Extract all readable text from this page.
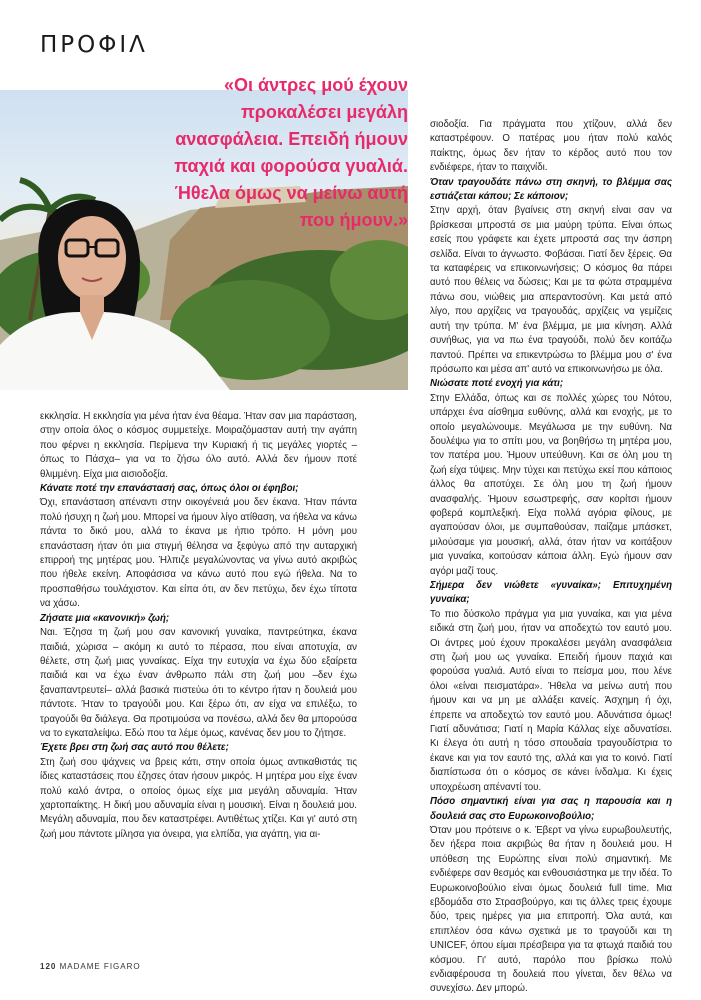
ΠΡΟΦΙΛ

«Οι άντρες μού έχουν προκαλέσει μεγάλη ανασφάλεια. Επειδή ήμουν παχιά και φορούσα γυαλιά. Ήθελα όμως να μείνω αυτή που ήμουν.»

εκκλησία. Η εκκλησία για μένα ήταν ένα θέαμα. Ήταν σαν μια παράσταση, στην οποία όλος ο κόσμος συμμετείχε. Μοιραζόμασταν αυτή την αγάπη που φέρνει η εκκλησία. Περίμενα την Κυριακή ή τις μεγάλες γιορτές –όπως το Πάσχα– για να το ζήσω όλο αυτό. Αλλά δεν ήμουν ποτέ θλιμμένη. Είχα μια αισιοδοξία.

Κάνατε ποτέ την επανάστασή σας, όπως όλοι οι έφηβοι;

Όχι, επανάσταση απέναντι στην οικογένειά μου δεν έκανα. Ήταν πάντα πολύ ήσυχη η ζωή μου. Μπορεί να ήμουν λίγο ατίθαση, να ήθελα να κάνω πάντα το δικό μου, αλλά το έκανα με ήπιο τρόπο. Η μόνη μου επανάσταση ήταν ότι μια στιγμή θέλησα να ξεφύγω από την αυταρχική επιρροή της μητέρας μου. Ήλπιζε μεγαλώνοντας να γίνω αυτό ακριβώς που ήθελε εκείνη. Αποφάσισα να κάνω αυτό που εγώ ήθελα. Να το προσπαθήσω τουλάχιστον. Και είπα ότι, αν δεν πετύχω, δεν έχω τίποτα να χάσω.

Ζήσατε μια «κανονική» ζωή;

Ναι. Έζησα τη ζωή μου σαν κανονική γυναίκα, παντρεύτηκα, έκανα παιδιά, χώρισα – ακόμη κι αυτό το πέρασα, που είναι αποτυχία, αν θέλετε, στη ζωή μιας γυναίκας. Είχα την ευτυχία να έχω δύο εξαίρετα παιδιά και να έχω έναν άνθρωπο πάλι στη ζωή μου –δεν έχω ξαναπαντρευτεί– αλλά βασικά πιστεύω ότι το κέντρο ήταν η δουλειά μου πάντοτε. Ήταν το τραγούδι μου. Και ξέρω ότι, αν είχα να επιλέξω, το τραγούδι θα διάλεγα. Θα προτιμούσα να πονέσω, αλλά δεν θα μπορούσα να το εγκαταλείψω. Εδώ που τα λέμε όμως, κανένας δεν μου το ζήτησε.

Έχετε βρει στη ζωή σας αυτό που θέλετε;

Στη ζωή σου ψάχνεις να βρεις κάτι, στην οποία όμως αντικαθιστάς τις ίδιες καταστάσεις που έζησες όταν ήσουν μικρός. Η μητέρα μου είχε έναν πολύ καλό άντρα, ο οποίος όμως είχε μια μεγάλη αδυναμία. Ήταν χαρτοπαίκτης. Η δική μου αδυναμία είναι η μουσική. Είναι η δουλειά μου. Μεγάλη αδυναμία, που δεν καταστρέφει. Αντιθέτως χτίζει. Και γι' αυτό στη ζωή μου πάντοτε μίλησα για όνειρα, για ελπίδα, για αγάπη, για αι-

σιοδοξία. Για πράγματα που χτίζουν, αλλά δεν καταστρέφουν. Ο πατέρας μου ήταν πολύ καλός παίκτης, όμως δεν ήταν το κέρδος αυτό που τον ενδιέφερε, ήταν το παιχνίδι.

Όταν τραγουδάτε πάνω στη σκηνή, το βλέμμα σας εστιάζεται κάπου; Σε κάποιον;

Στην αρχή, όταν βγαίνεις στη σκηνή είναι σαν να βρίσκεσαι μπροστά σε μια μαύρη τρύπα. Είναι όπως εσείς που γράφετε και έχετε μπροστά σας την άσπρη σελίδα. Είναι το άγνωστο. Φοβάσαι. Γιατί δεν ξέρεις. Θα τα καταφέρεις να επικοινωνήσεις; Ο κόσμος θα πάρει αυτό που θέλεις να δώσεις; Και με τα φώτα στραμμένα πάνω σου, νιώθεις μια απεραντοσύνη. Και μετά από λίγο, που αρχίζεις να τραγουδάς, αρχίζεις να γεμίζεις αυτή την τρύπα. Μ' ένα βλέμμα, με μια κίνηση. Αλλά συνήθως, για να πω ένα τραγούδι, πολύ δεν κοιτάζω παντού. Πρέπει να επικεντρώσω το βλέμμα μου σ' ένα πρόσωπο και μέσα απ' αυτό να επικοινωνήσω με όλα.

Νιώσατε ποτέ ενοχή για κάτι;

Στην Ελλάδα, όπως και σε πολλές χώρες του Νότου, υπάρχει ένα αίσθημα ευθύνης, αλλά και ενοχής, με το οποίο μεγαλώνουμε. Μεγάλωσα με την ευθύνη. Να δουλέψω για το σπίτι μου, να βοηθήσω τη μητέρα μου, τον πατέρα μου. Ήμουν υπεύθυνη. Και σε όλη μου τη ζωή είχα τύψεις. Μην τύχει και πετύχω εκεί που κάποιος άλλος θα αποτύχει. Σε όλη μου τη ζωή ήμουν ανασφαλής. Ήμουν εσωστρεφής, σαν κορίτσι ήμουν φοβερά κομπλεξική. Είχα πολλά αγόρια φίλους, με αγαπούσαν όλοι, με συμπαθούσαν, παίζαμε μπάσκετ, μιλούσαμε για μουσική, αλλά, όταν ήταν να κοιτάξουν μια γυναίκα, κοιτούσαν κάποια άλλη. Εγώ ήμουν σαν αγόρι μαζί τους.

Σήμερα δεν νιώθετε «γυναίκα»; Επιτυχημένη γυναίκα;

Το πιο δύσκολο πράγμα για μια γυναίκα, και για μένα ειδικά στη ζωή μου, ήταν να αποδεχτώ τον εαυτό μου. Οι άντρες μού έχουν προκαλέσει μεγάλη ανασφάλεια στη ζωή μου ως γυναίκα. Επειδή ήμουν παχιά και φορούσα γυαλιά. Αυτό είναι το πείσμα μου, που λένε όλοι «είναι πεισματάρα». Ήθελα να μείνω αυτή που ήμουν και να μη με αλλάξει κανείς. Άσχημη ή όχι, έπρεπε να αποδεχτώ τον εαυτό μου. Αδυνάτισα όμως! Γιατί αδυνάτισα; Γιατί η Μαρία Κάλλας είχε αδυνατίσει. Κι έλεγα ότι αυτή η τόσο σπουδαία τραγουδίστρια το έκανε και για τον εαυτό της, αλλά και για το κοινό. Γιατί διαπίστωσα ότι ο κόσμος σε κάνει ίνδαλμα. Κι έχεις υποχρέωση απέναντί του.

Πόσο σημαντική είναι για σας η παρουσία και η δουλειά σας στο Ευρωκοινοβούλιο;

Όταν μου πρότεινε ο κ. Έβερτ να γίνω ευρωβουλευτής, δεν ήξερα ποια ακριβώς θα ήταν η δουλειά μου. Η υπόθεση της Ευρώπης είναι πολύ σημαντική. Με ενδιέφερε σαν θεσμός και ενθουσιάστηκα με την ιδέα. Το Ευρωκοινοβούλιο είναι όμως δουλειά full time. Μια εβδομάδα στο Στρασβούργο, και τις άλλες τρεις έχουμε δύο, τρεις ημέρες για μια επιτροπή. Όλα αυτά, και επιπλέον όσα κάνω σχετικά με το τραγούδι και τη UNICEF, όπου είμαι πρέσβειρα για τα φτωχά παιδιά του κόσμου. Γι' αυτό, παρόλο που βρίσκω πολύ ενδιαφέρουσα τη δουλειά που γίνεται, δεν θέλω να συνεχίσω. Δεν μπορώ.

120 MADAME FIGARO
